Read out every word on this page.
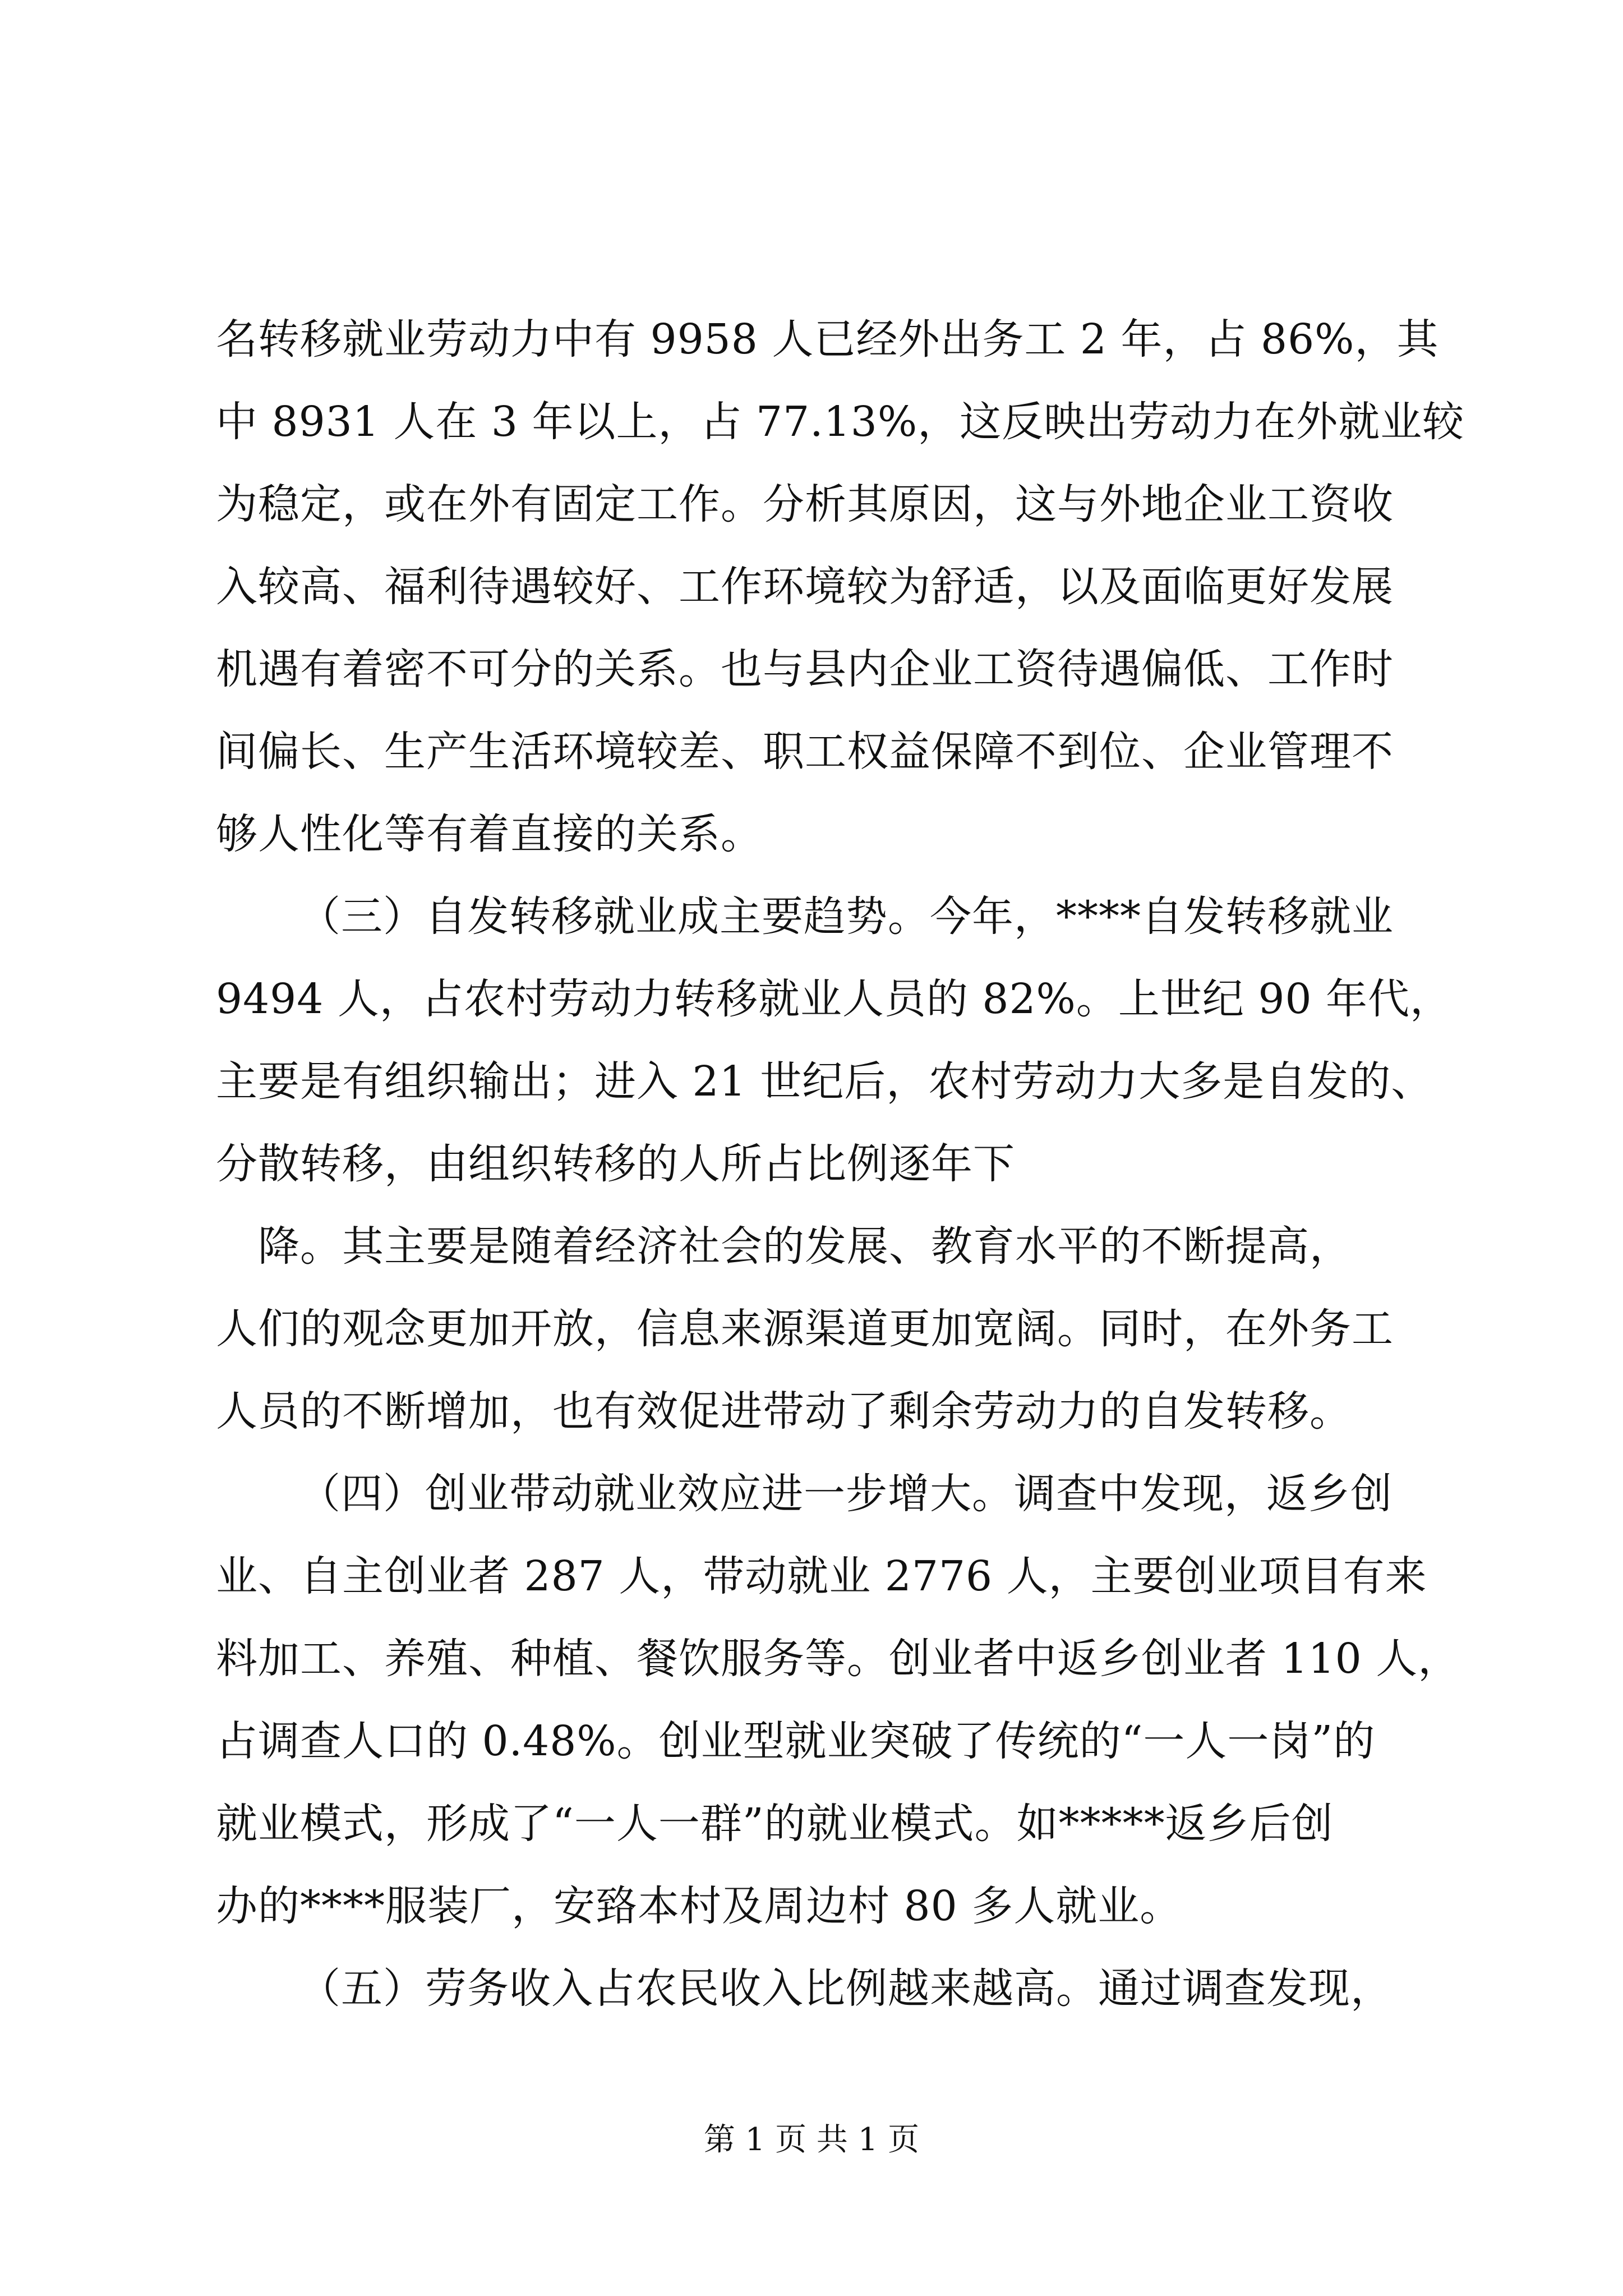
名转移就业劳动力中有 9958 人已经外出务工 2 年，占 86%，其
中 8931 人在 3 年以上，占 77.13%，这反映出劳动力在外就业较
为稳定，或在外有固定工作。分析其原因，这与外地企业工资收
入较高、福利待遇较好、工作环境较为舒适，以及面临更好发展
机遇有着密不可分的关系。也与县内企业工资待遇偏低、工作时
间偏长、生产生活环境较差、职工权益保障不到位、企业管理不
够人性化等有着直接的关系。
（三）自发转移就业成主要趋势。今年，****自发转移就业
9494 人，占农村劳动力转移就业人员的 82%。上世纪 90 年代，
主要是有组织输出；进入 21 世纪后，农村劳动力大多是自发的、
分散转移，由组织转移的人所占比例逐年下
降。其主要是随着经济社会的发展、教育水平的不断提高，
人们的观念更加开放，信息来源渠道更加宽阔。同时，在外务工
人员的不断增加，也有效促进带动了剩余劳动力的自发转移。
（四）创业带动就业效应进一步增大。调查中发现，返乡创
业、自主创业者 287 人，带动就业 2776 人，主要创业项目有来
料加工、养殖、种植、餐饮服务等。创业者中返乡创业者 110 人，
占调查人口的 0.48%。创业型就业突破了传统的“一人一岗”的
就业模式，形成了“一人一群”的就业模式。如*****返乡后创
办的****服装厂，安臵本村及周边村 80 多人就业。
（五）劳务收入占农民收入比例越来越高。通过调查发现，
第 1 页 共 1 页
